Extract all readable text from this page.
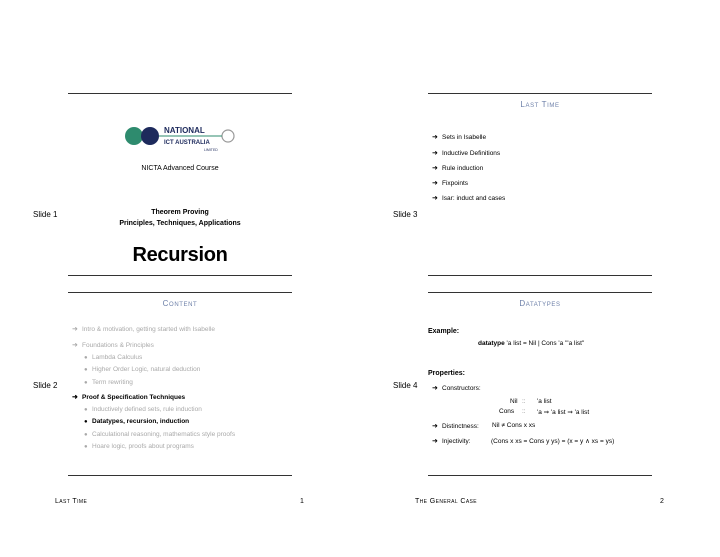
NATIONAL
ICT AUSTRALIA
LIMITED
NICTA Advanced Course
Slide 1	Theorem Proving
Principles, Techniques, Applications
Recursion
Last Time
Slide 3
➜ Sets in Isabelle
➜ Inductive Definitions
➜ Rule induction
➜ Fixpoints
➜ Isar: induct and cases
Content
Slide 2
➜ Intro & motivation, getting started with Isabelle
➜ Foundations & Principles
● Lambda Calculus
● Higher Order Logic, natural deduction
● Term rewriting
➜ Proof & Specification Techniques
● Inductively defined sets, rule induction
● Datatypes, recursion, induction
● Calculational reasoning, mathematics style proofs
● Hoare logic, proofs about programs
Datatypes
Slide 4
Example:
datatype 'a list = Nil | Cons 'a "'a list"
Properties:
➜ Constructors:
Nil :: 'a list
Cons :: 'a ⇒ 'a list ⇒ 'a list
➜ Distinctness: Nil ≠ Cons x xs
➜ Injectivity:	(Cons x xs = Cons y ys) = (x = y ∧ xs = ys)
Last Time	1	The General Case	2
